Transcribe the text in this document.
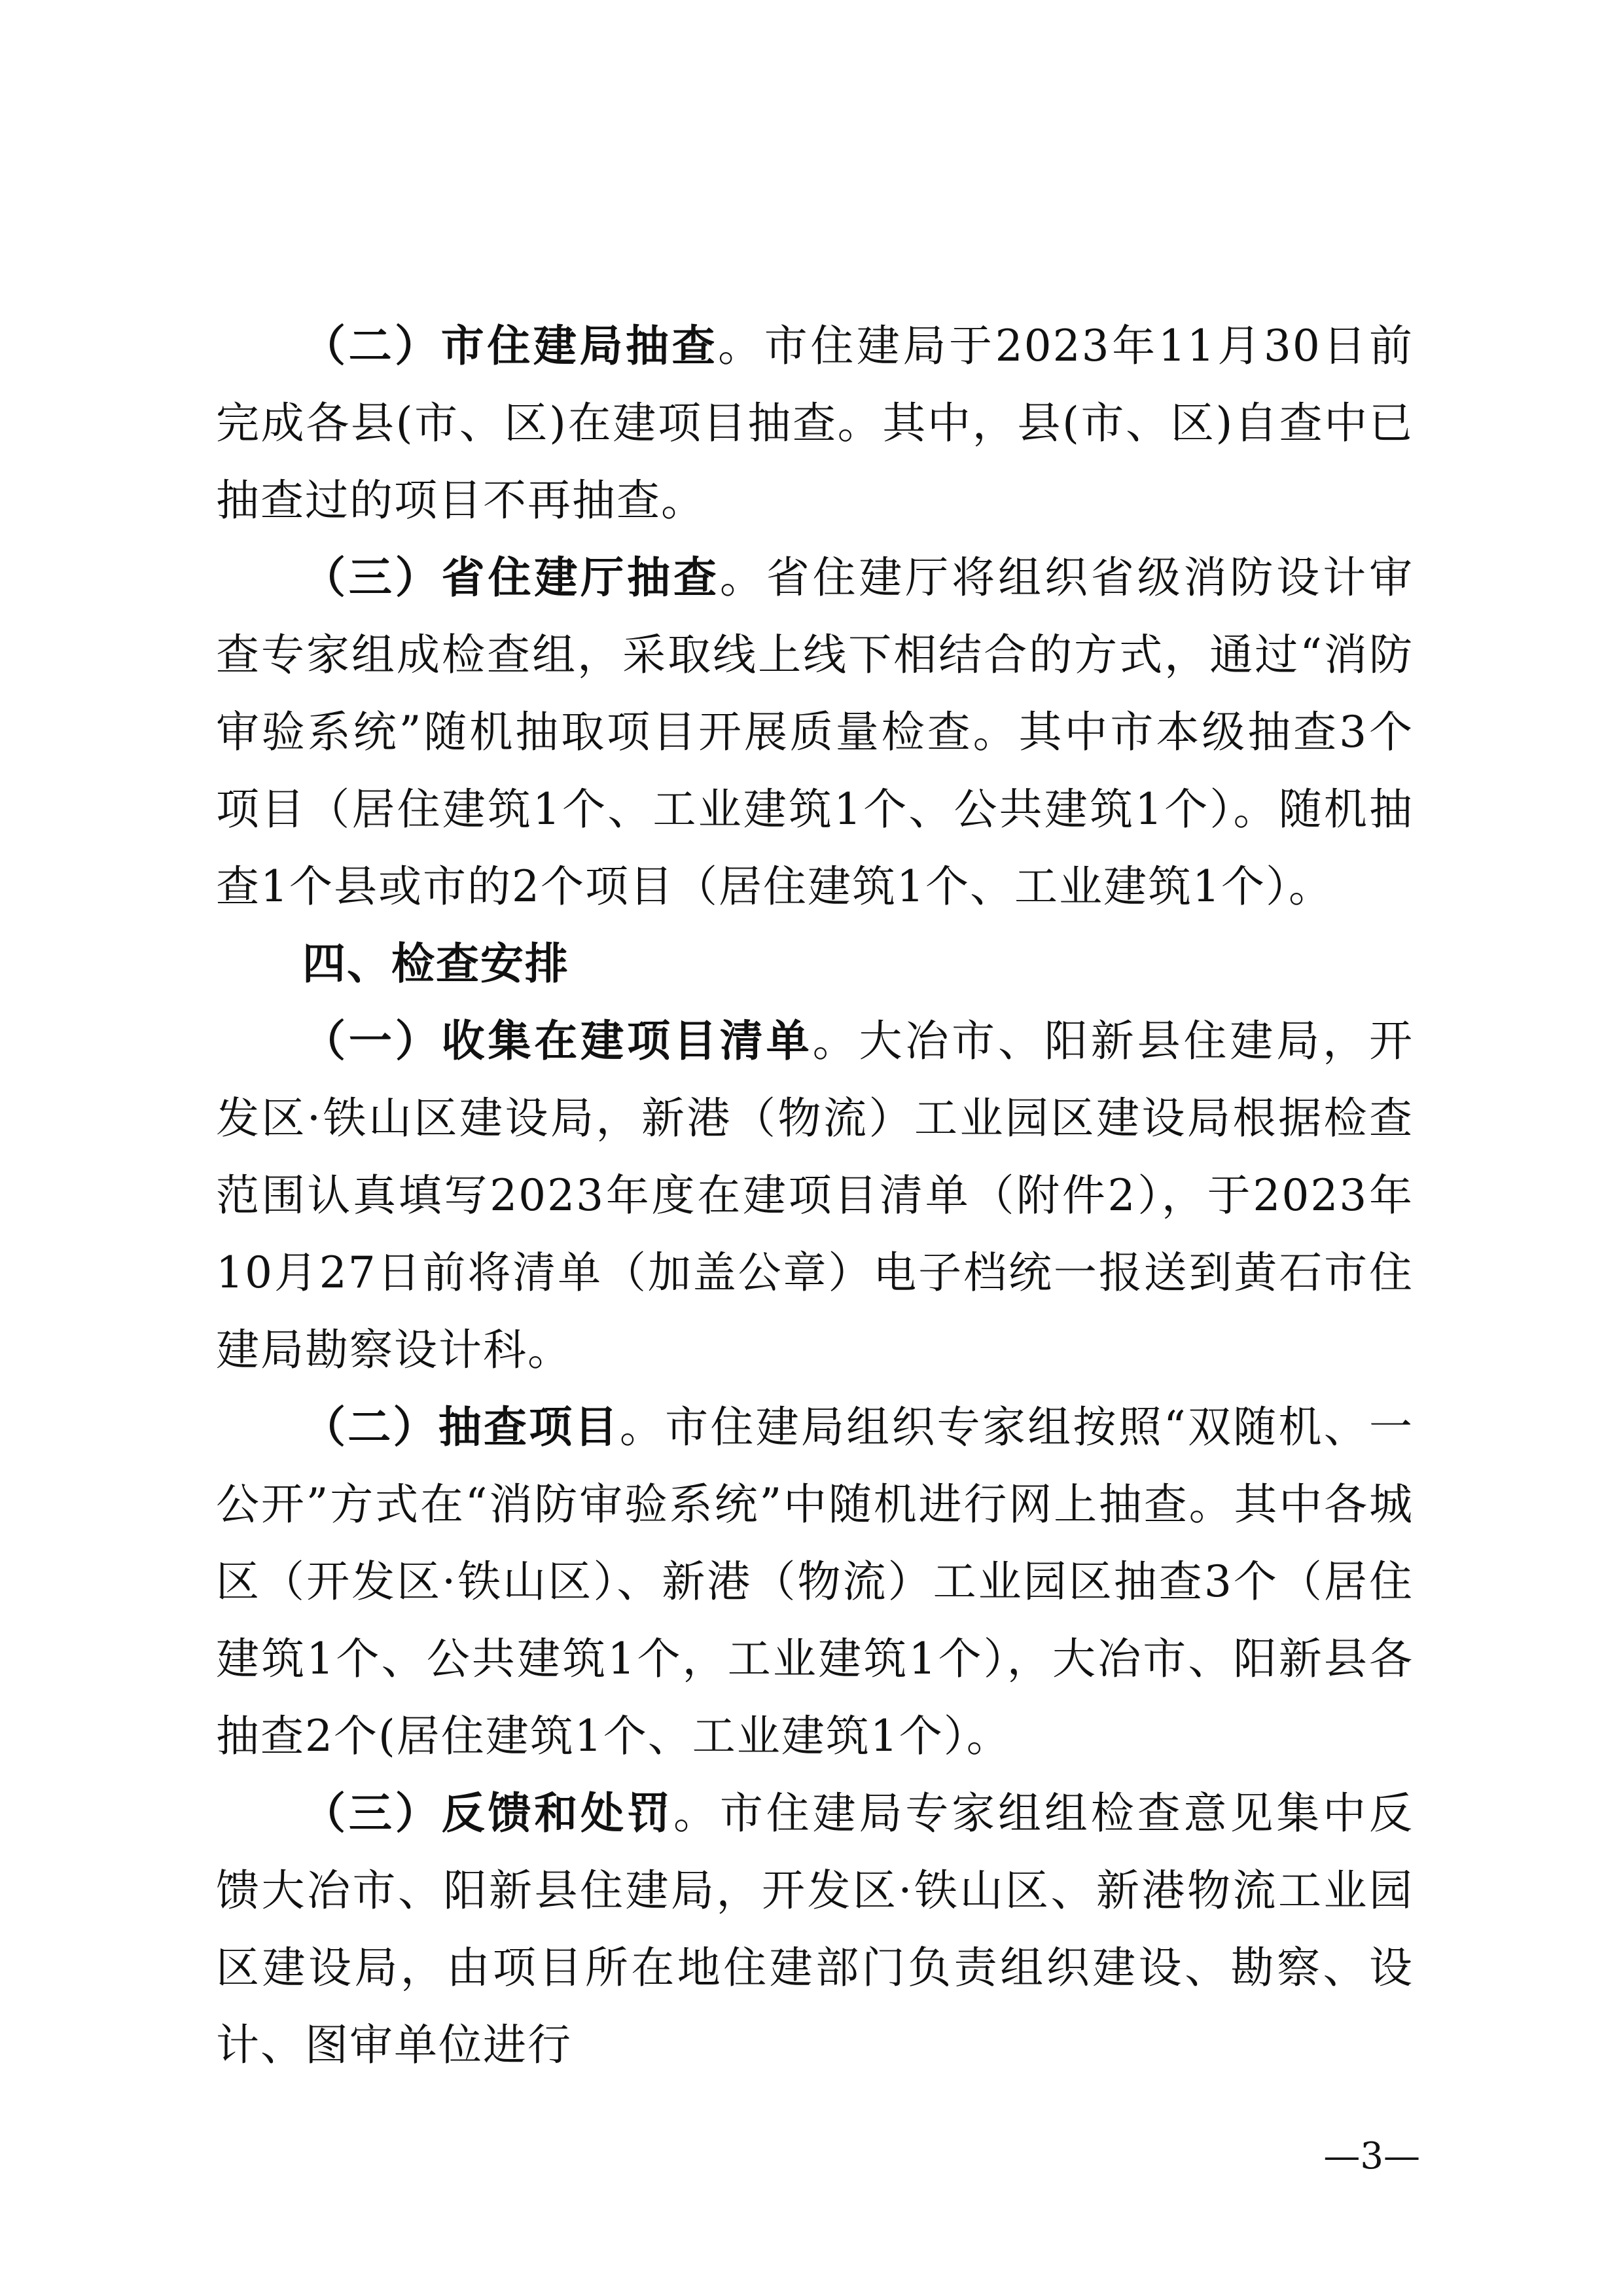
（二）市住建局抽查。市住建局于2023年11月30日前完成各县(市、区)在建项目抽查。其中，县(市、区)自查中已抽查过的项目不再抽查。

（三）省住建厅抽查。省住建厅将组织省级消防设计审查专家组成检查组，采取线上线下相结合的方式，通过“消防审验系统”随机抽取项目开展质量检查。其中市本级抽查3个项目（居住建筑1个、工业建筑1个、公共建筑1个）。随机抽查1个县或市的2个项目（居住建筑1个、工业建筑1个）。

四、检查安排

（一）收集在建项目清单。大冶市、阳新县住建局，开发区·铁山区建设局，新港（物流）工业园区建设局根据检查范围认真填写2023年度在建项目清单（附件2），于2023年10月27日前将清单（加盖公章）电子档统一报送到黄石市住建局勘察设计科。

（二）抽查项目。市住建局组织专家组按照“双随机、一公开”方式在“消防审验系统”中随机进行网上抽查。其中各城区（开发区·铁山区）、新港（物流）工业园区抽查3个（居住建筑1个、公共建筑1个，工业建筑1个），大冶市、阳新县各抽查2个(居住建筑1个、工业建筑1个）。

（三）反馈和处罚。市住建局专家组组检查意见集中反馈大冶市、阳新县住建局，开发区·铁山区、新港物流工业园区建设局，由项目所在地住建部门负责组织建设、勘察、设计、图审单位进行

—3—
